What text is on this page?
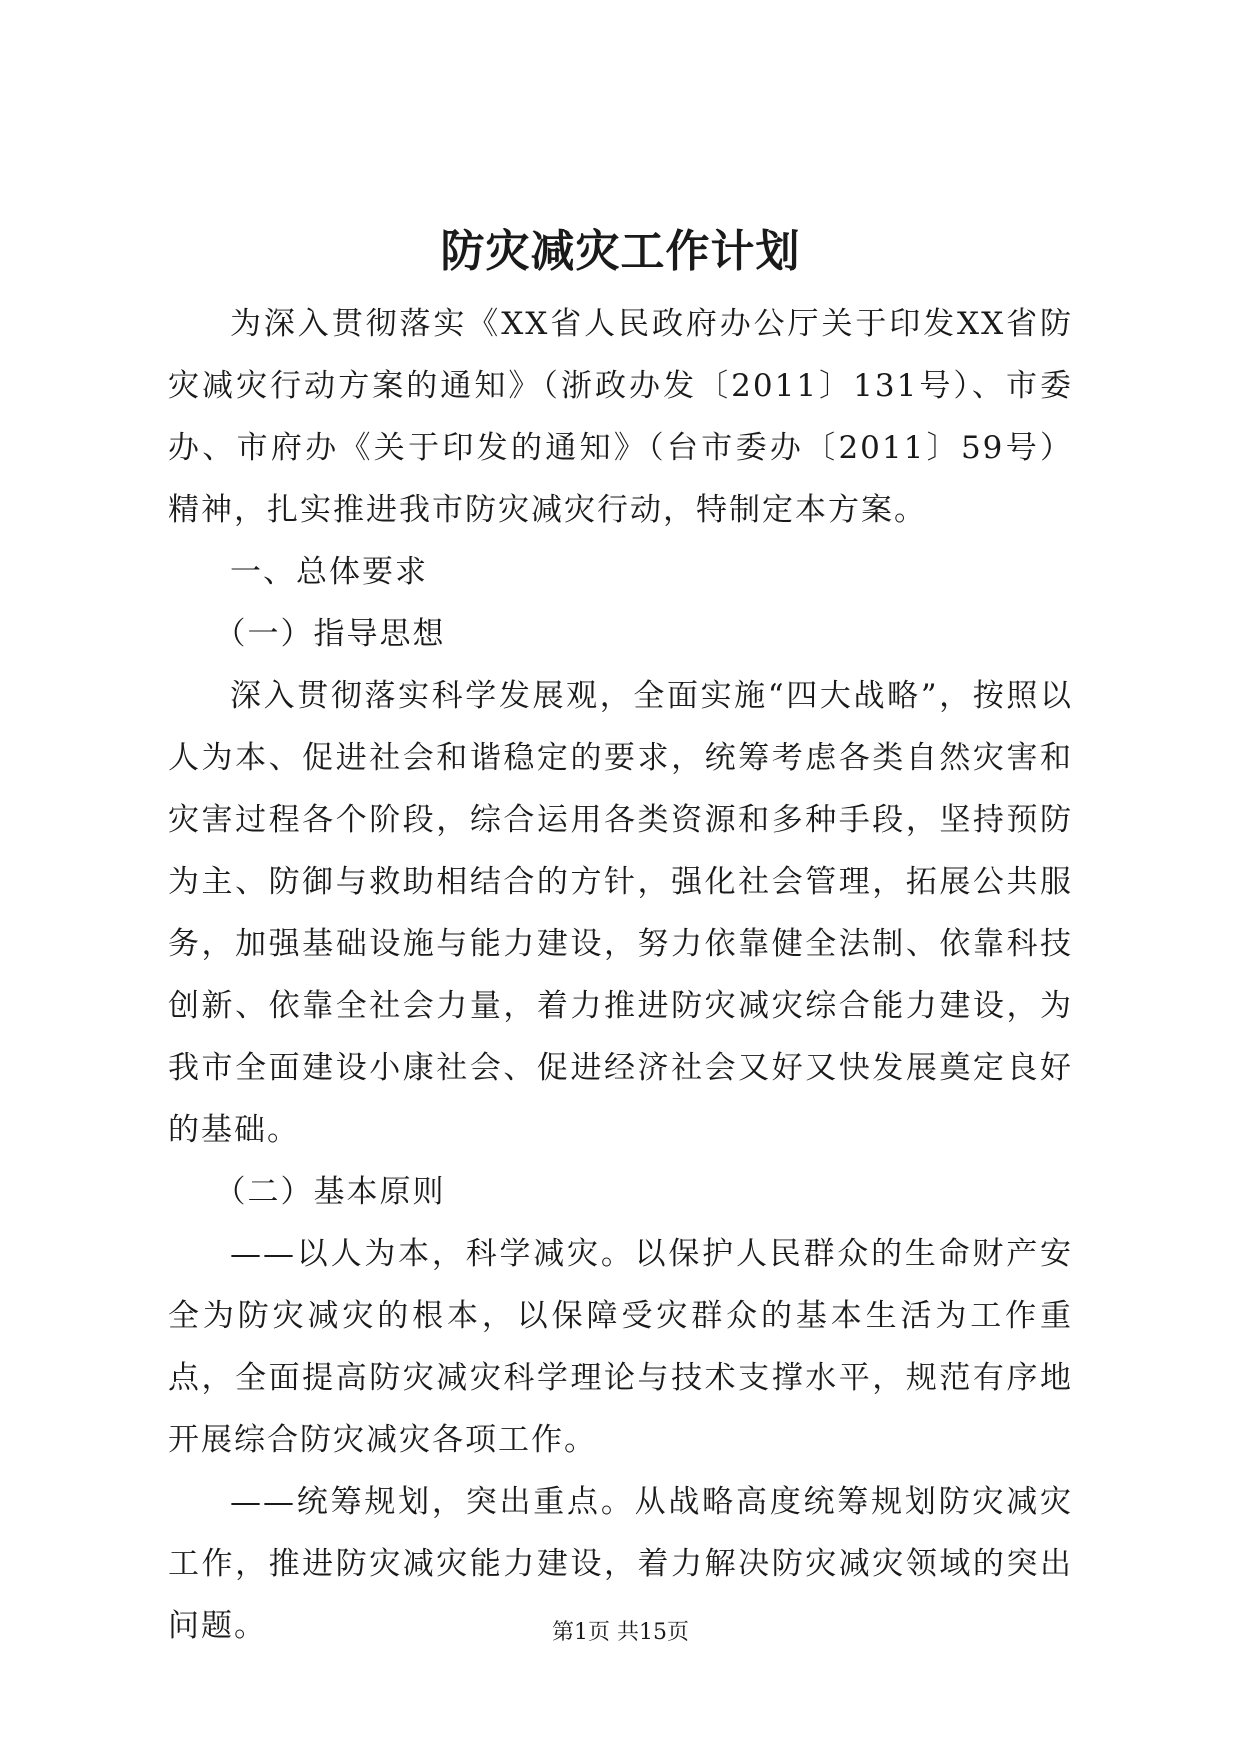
防灾减灾工作计划

为深入贯彻落实《XX省人民政府办公厅关于印发XX省防灾减灾行动方案的通知》（浙政办发〔2011〕131号）、市委办、市府办《关于印发的通知》（台市委办〔2011〕59号）精神，扎实推进我市防灾减灾行动，特制定本方案。

一、总体要求

（一）指导思想

深入贯彻落实科学发展观，全面实施“四大战略”，按照以人为本、促进社会和谐稳定的要求，统筹考虑各类自然灾害和灾害过程各个阶段，综合运用各类资源和多种手段，坚持预防为主、防御与救助相结合的方针，强化社会管理，拓展公共服务，加强基础设施与能力建设，努力依靠健全法制、依靠科技创新、依靠全社会力量，着力推进防灾减灾综合能力建设，为我市全面建设小康社会、促进经济社会又好又快发展奠定良好的基础。

（二）基本原则

——以人为本，科学减灾。以保护人民群众的生命财产安全为防灾减灾的根本，以保障受灾群众的基本生活为工作重点，全面提高防灾减灾科学理论与技术支撑水平，规范有序地开展综合防灾减灾各项工作。

——统筹规划，突出重点。从战略高度统筹规划防灾减灾工作，推进防灾减灾能力建设，着力解决防灾减灾领域的突出问题。	第1页 共15页
